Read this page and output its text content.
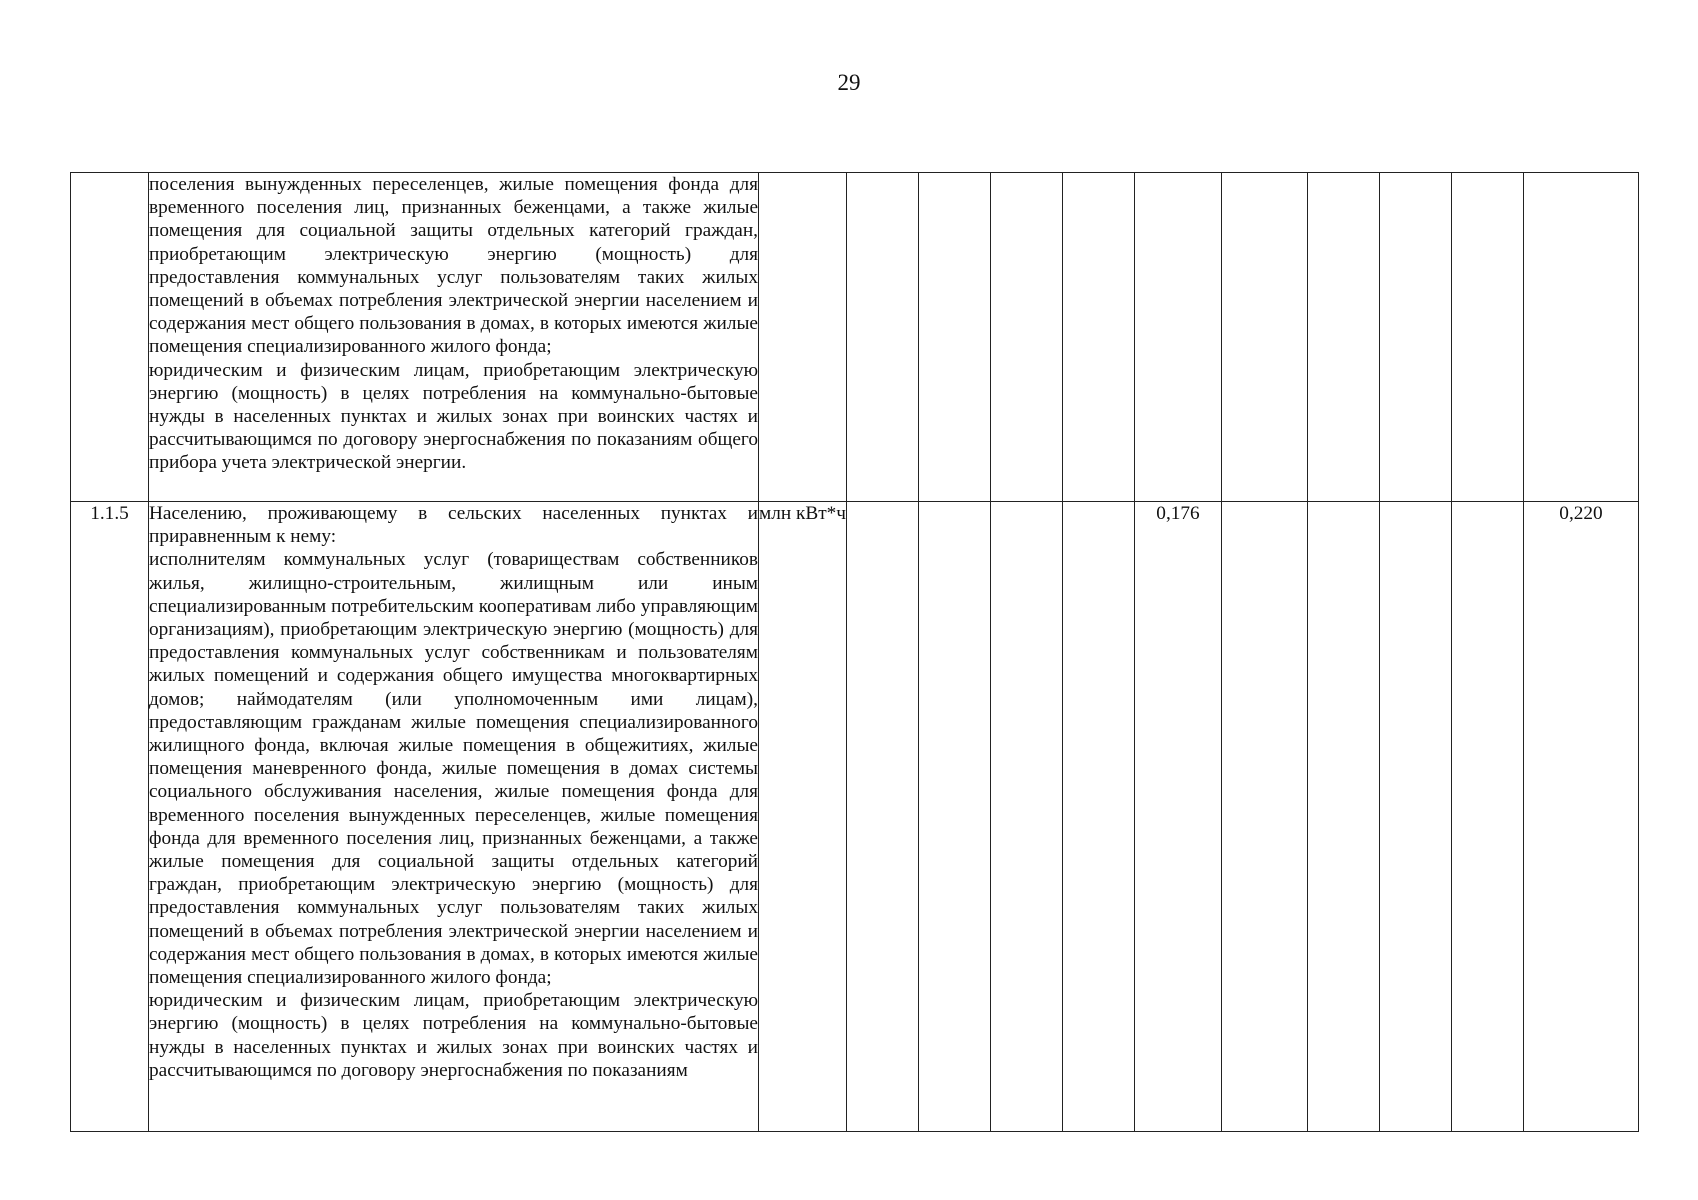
29

	поселения вынужденных переселенцев, жилые помещения фонда для временного поселения лиц, признанных беженцами, а также жилые помещения для социальной защиты отдельных категорий граждан, приобретающим электрическую энергию (мощность) для предоставления коммунальных услуг пользователям таких жилых помещений в объемах потребления электрической энергии населением и содержания мест общего пользования в домах, в которых имеются жилые помещения специализированного жилого фонда;

юридическим и физическим лицам, приобретающим электрическую энергию (мощность) в целях потребления на коммунально-бытовые нужды в населенных пунктах и жилых зонах при воинских частях и рассчитывающимся по договору энергоснабжения по показаниям общего прибора учета электрической энергии.											

1.1.5	Населению, проживающему в сельских населенных пунктах и приравненным к нему:

исполнителям коммунальных услуг (товариществам собственников жилья, жилищно-строительным, жилищным или иным специализированным потребительским кооперативам либо управляющим организациям), приобретающим электрическую энергию (мощность) для предоставления коммунальных услуг собственникам и пользователям жилых помещений и содержания общего имущества многоквартирных домов; наймодателям (или уполномоченным ими лицам), предоставляющим гражданам жилые помещения специализированного жилищного фонда, включая жилые помещения в общежитиях, жилые помещения маневренного фонда, жилые помещения в домах системы социального обслуживания населения, жилые помещения фонда для временного поселения вынужденных переселенцев, жилые помещения фонда для временного поселения лиц, признанных беженцами, а также жилые помещения для социальной защиты отдельных категорий граждан, приобретающим электрическую энергию (мощность) для предоставления коммунальных услуг пользователям таких жилых помещений в объемах потребления электрической энергии населением и содержания мест общего пользования в домах, в которых имеются жилые помещения специализированного жилого фонда;

юридическим и физическим лицам, приобретающим электрическую энергию (мощность) в целях потребления на коммунально-бытовые нужды в населенных пунктах и жилых зонах при воинских частях и рассчитывающимся по договору энергоснабжения по показаниям	млн кВт*ч					0,176					0,220
